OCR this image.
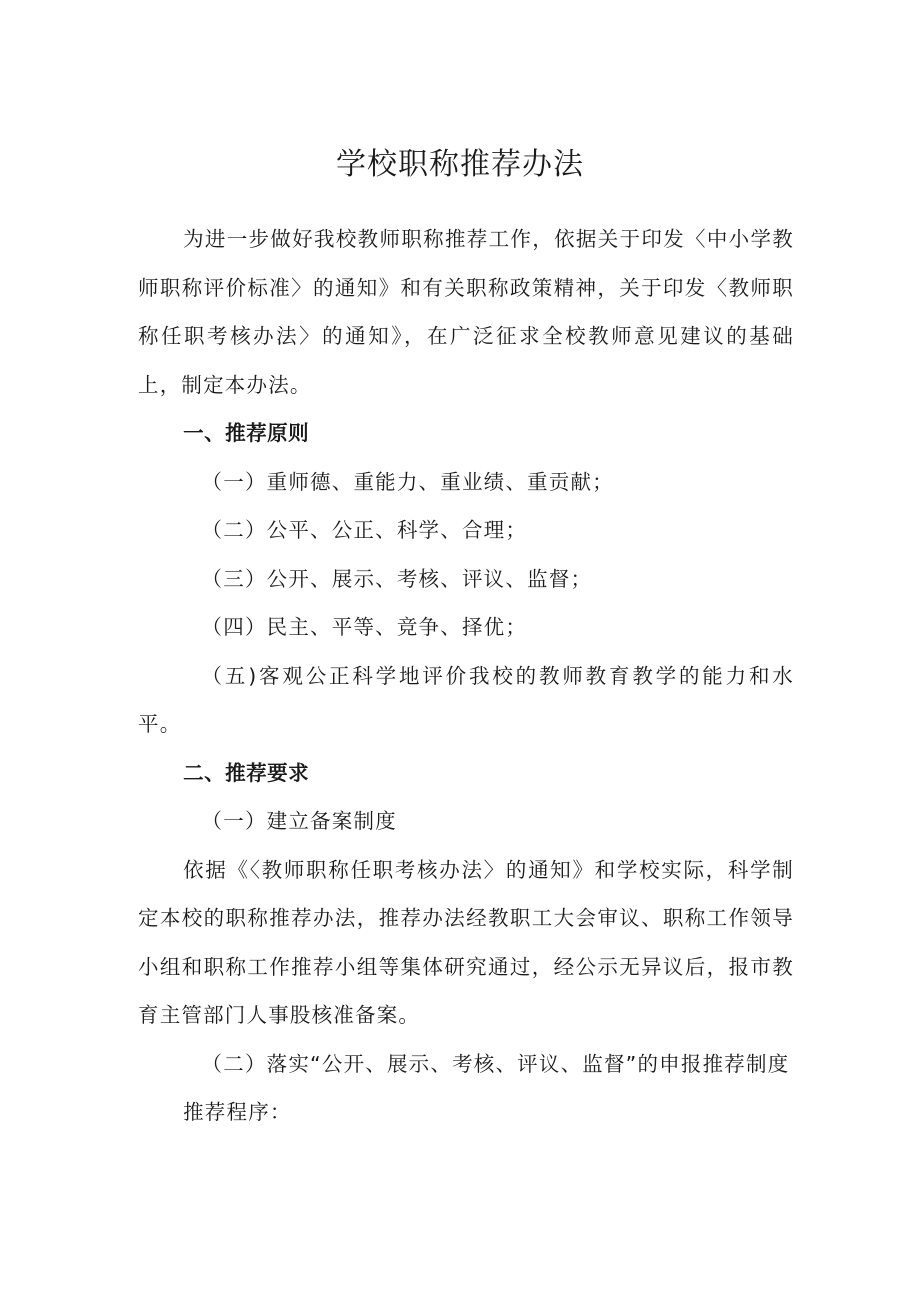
学校职称推荐办法

为进一步做好我校教师职称推荐工作，依据关于印发〈中小学教师职称评价标准〉的通知》和有关职称政策精神，关于印发〈教师职称任职考核办法〉的通知》，在广泛征求全校教师意见建议的基础上，制定本办法。

一、推荐原则

（一）重师德、重能力、重业绩、重贡献；

（二）公平、公正、科学、合理；

（三）公开、展示、考核、评议、监督；

（四）民主、平等、竞争、择优；

（五)客观公正科学地评价我校的教师教育教学的能力和水平。

二、推荐要求

（一）建立备案制度

依据《〈教师职称任职考核办法〉的通知》和学校实际，科学制定本校的职称推荐办法，推荐办法经教职工大会审议、职称工作领导小组和职称工作推荐小组等集体研究通过，经公示无异议后，报市教育主管部门人事股核准备案。

（二）落实“公开、展示、考核、评议、监督”的申报推荐制度

推荐程序：
